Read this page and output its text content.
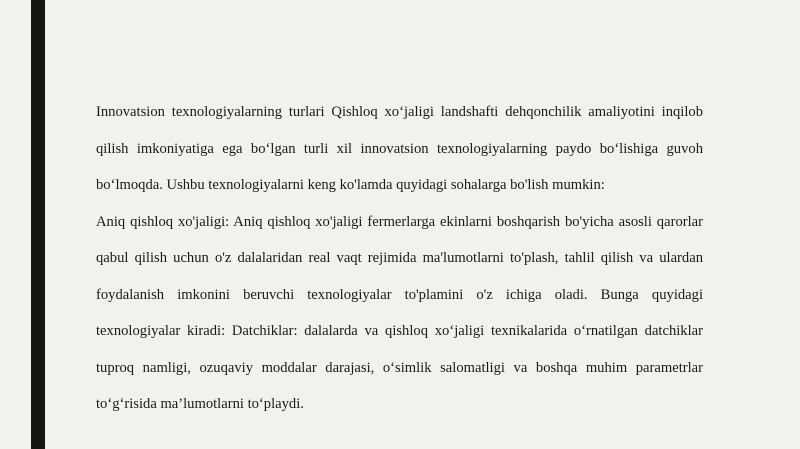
Innovatsion texnologiyalarning turlari Qishloq xo‘jaligi landshafti dehqonchilik amaliyotini inqilob qilish imkoniyatiga ega bo‘lgan turli xil innovatsion texnologiyalarning paydo bo‘lishiga guvoh bo‘lmoqda. Ushbu texnologiyalarni keng ko'lamda quyidagi sohalarga bo'lish mumkin:

Aniq qishloq xo'jaligi: Aniq qishloq xo'jaligi fermerlarga ekinlarni boshqarish bo'yicha asosli qarorlar qabul qilish uchun o'z dalalaridan real vaqt rejimida ma'lumotlarni to'plash, tahlil qilish va ulardan foydalanish imkonini beruvchi texnologiyalar to'plamini o'z ichiga oladi. Bunga quyidagi texnologiyalar kiradi: Datchiklar: dalalarda va qishloq xo‘jaligi texnikalarida o‘rnatilgan datchiklar tuproq namligi, ozuqaviy moddalar darajasi, o‘simlik salomatligi va boshqa muhim parametrlar to‘g‘risida ma’lumotlarni to‘playdi.
